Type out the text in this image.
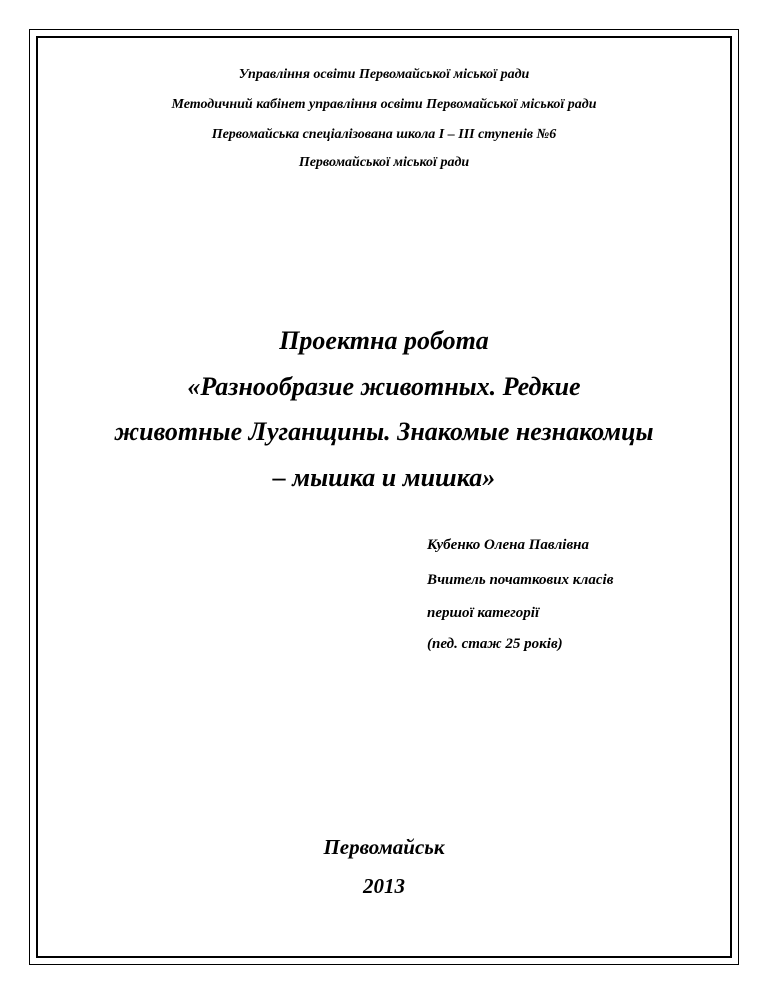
Управління освіти Первомайської міської ради
Методичний кабінет управління освіти Первомайської міської ради
Первомайська спеціалізована школа І – ІІІ ступенів №6
Первомайської міської ради
Проектна робота
«Разнообразие животных. Редкие
животные Луганщины. Знакомые незнакомцы
– мышка и мишка»
Кубенко Олена Павлівна
Вчитель початкових класів
першої категорії
(пед. стаж 25 років)
Первомайськ
2013
